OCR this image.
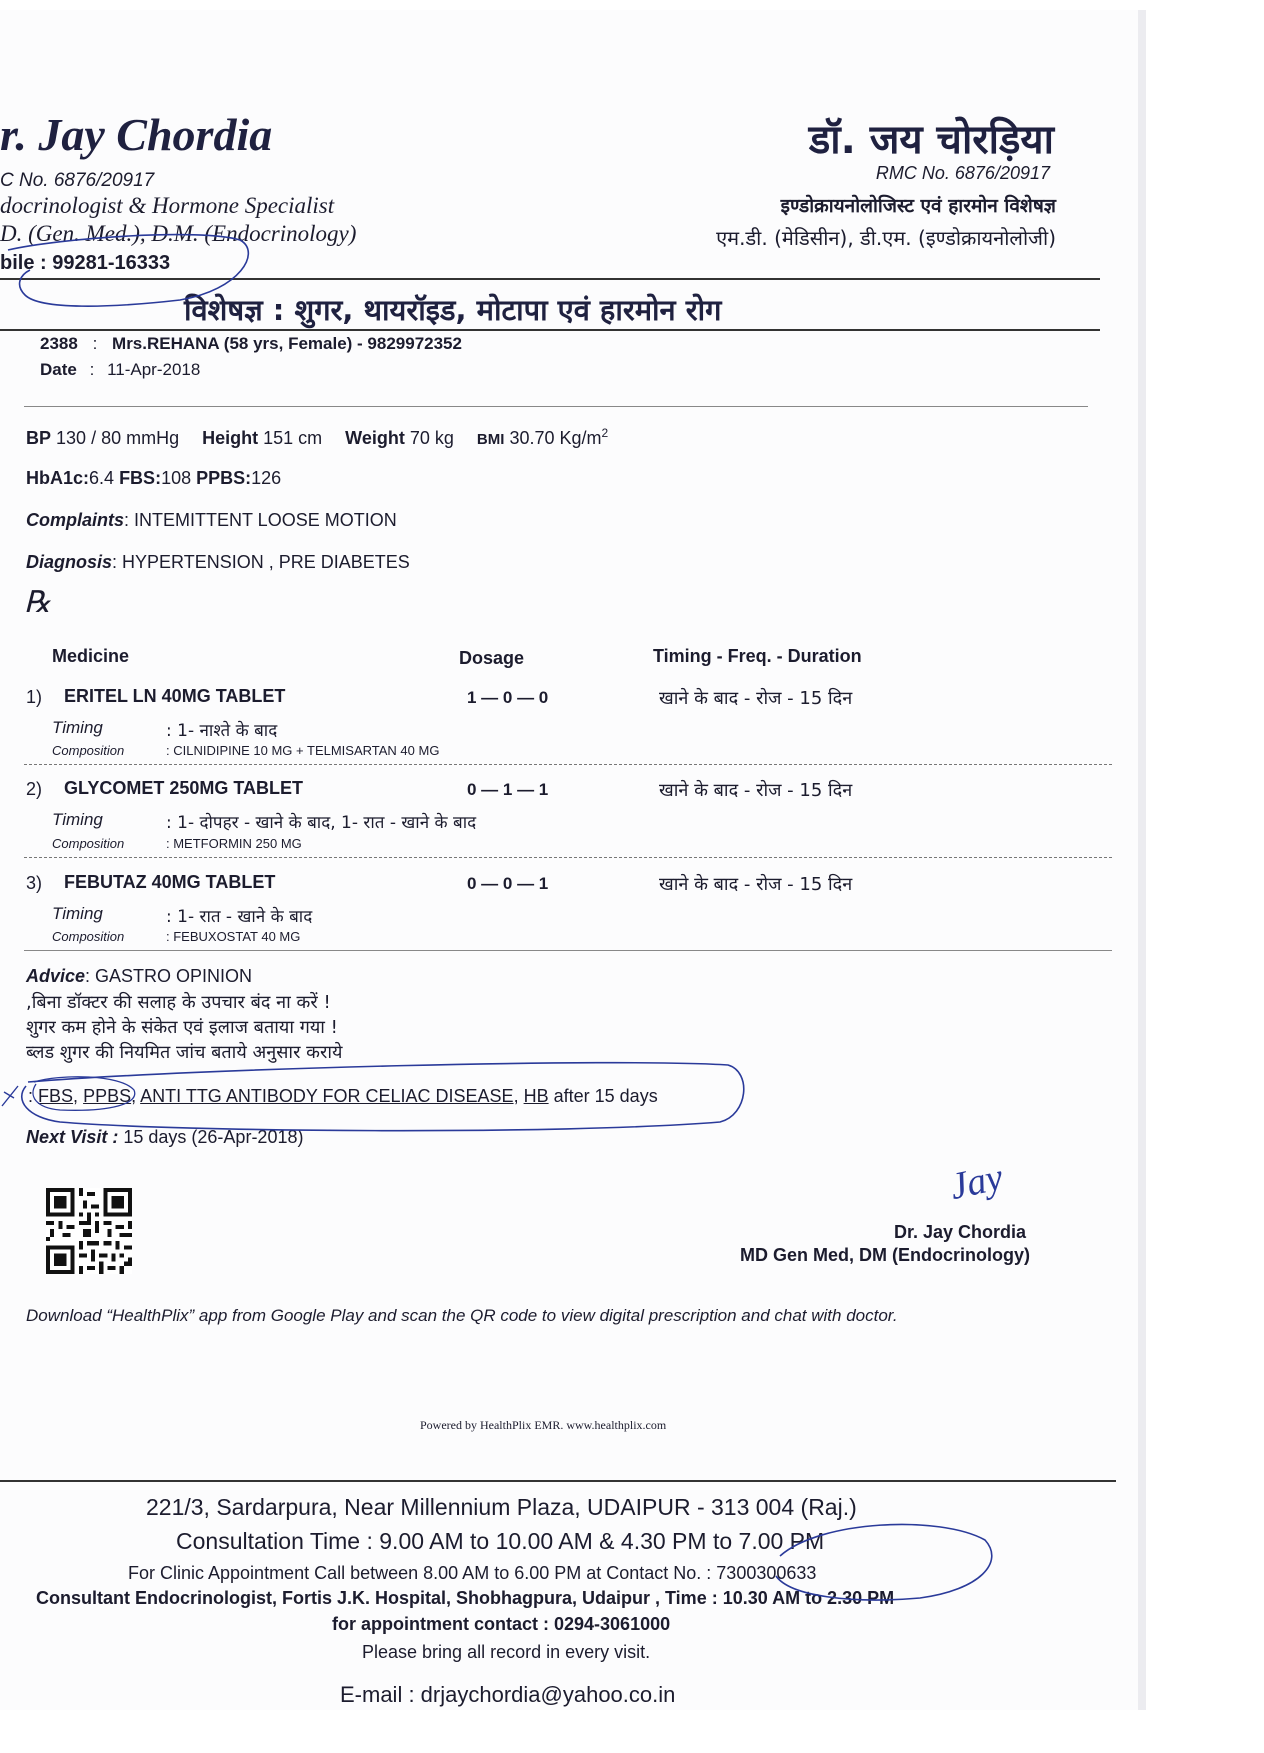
r. Jay Chordia
C No. 6876/20917
docrinologist & Hormone Specialist
D. (Gen. Med.), D.M. (Endocrinology)
bile : 99281-16333
डॉ. जय चोरड़िया
RMC No. 6876/20917
इण्डोक्रायनोलोजिस्ट एवं हारमोन विशेषज्ञ
एम.डी. (मेडिसीन), डी.एम. (इण्डोक्रायनोलोजी)
विशेषज्ञ : शुगर, थायरॉइड, मोटापा एवं हारमोन रोग
2388 : Mrs.REHANA (58 yrs, Female) - 9829972352
Date : 11-Apr-2018
BP 130 / 80 mmHg Height 151 cm Weight 70 kg BMI 30.70 $Kg/m^2$
HbA1c:6.4 FBS:108 PPBS:126
Complaints: INTEMITTENT LOOSE MOTION
Diagnosis: HYPERTENSION , PRE DIABETES
℞
Medicine	Dosage	Timing - Freq. - Duration
1) ERITEL LN 40MG TABLET	1 — 0 — 0	खाने के बाद - रोज - 15 दिन
Timing	: 1- नाश्ते के बाद
Composition	: CILNIDIPINE 10 MG + TELMISARTAN 40 MG
2) GLYCOMET 250MG TABLET	0 — 1 — 1	खाने के बाद - रोज - 15 दिन
Timing	: 1- दोपहर - खाने के बाद, 1- रात - खाने के बाद
Composition	: METFORMIN 250 MG
3) FEBUTAZ 40MG TABLET	0 — 0 — 1	खाने के बाद - रोज - 15 दिन
Timing	: 1- रात - खाने के बाद
Composition	: FEBUXOSTAT 40 MG
Advice: GASTRO OPINION
,बिना डॉक्टर की सलाह के उपचार बंद ना करें !
शुगर कम होने के संकेत एवं इलाज बताया गया !
ब्लड शुगर की नियमित जांच बताये अनुसार कराये
: FBS, PPBS, ANTI TTG ANTIBODY FOR CELIAC DISEASE, HB after 15 days
Next Visit : 15 days (26-Apr-2018)
Jay
Dr. Jay Chordia
MD Gen Med, DM (Endocrinology)
Download “HealthPlix” app from Google Play and scan the QR code to view digital prescription and chat with doctor.
Powered by HealthPlix EMR. www.healthplix.com
221/3, Sardarpura, Near Millennium Plaza, UDAIPUR - 313 004 (Raj.)
Consultation Time : 9.00 AM to 10.00 AM & 4.30 PM to 7.00 PM
For Clinic Appointment Call between 8.00 AM to 6.00 PM at Contact No. : 7300300633
Consultant Endocrinologist, Fortis J.K. Hospital, Shobhagpura, Udaipur , Time : 10.30 AM to 2.30 PM
for appointment contact : 0294-3061000
Please bring all record in every visit.
E-mail : drjaychordia@yahoo.co.in
